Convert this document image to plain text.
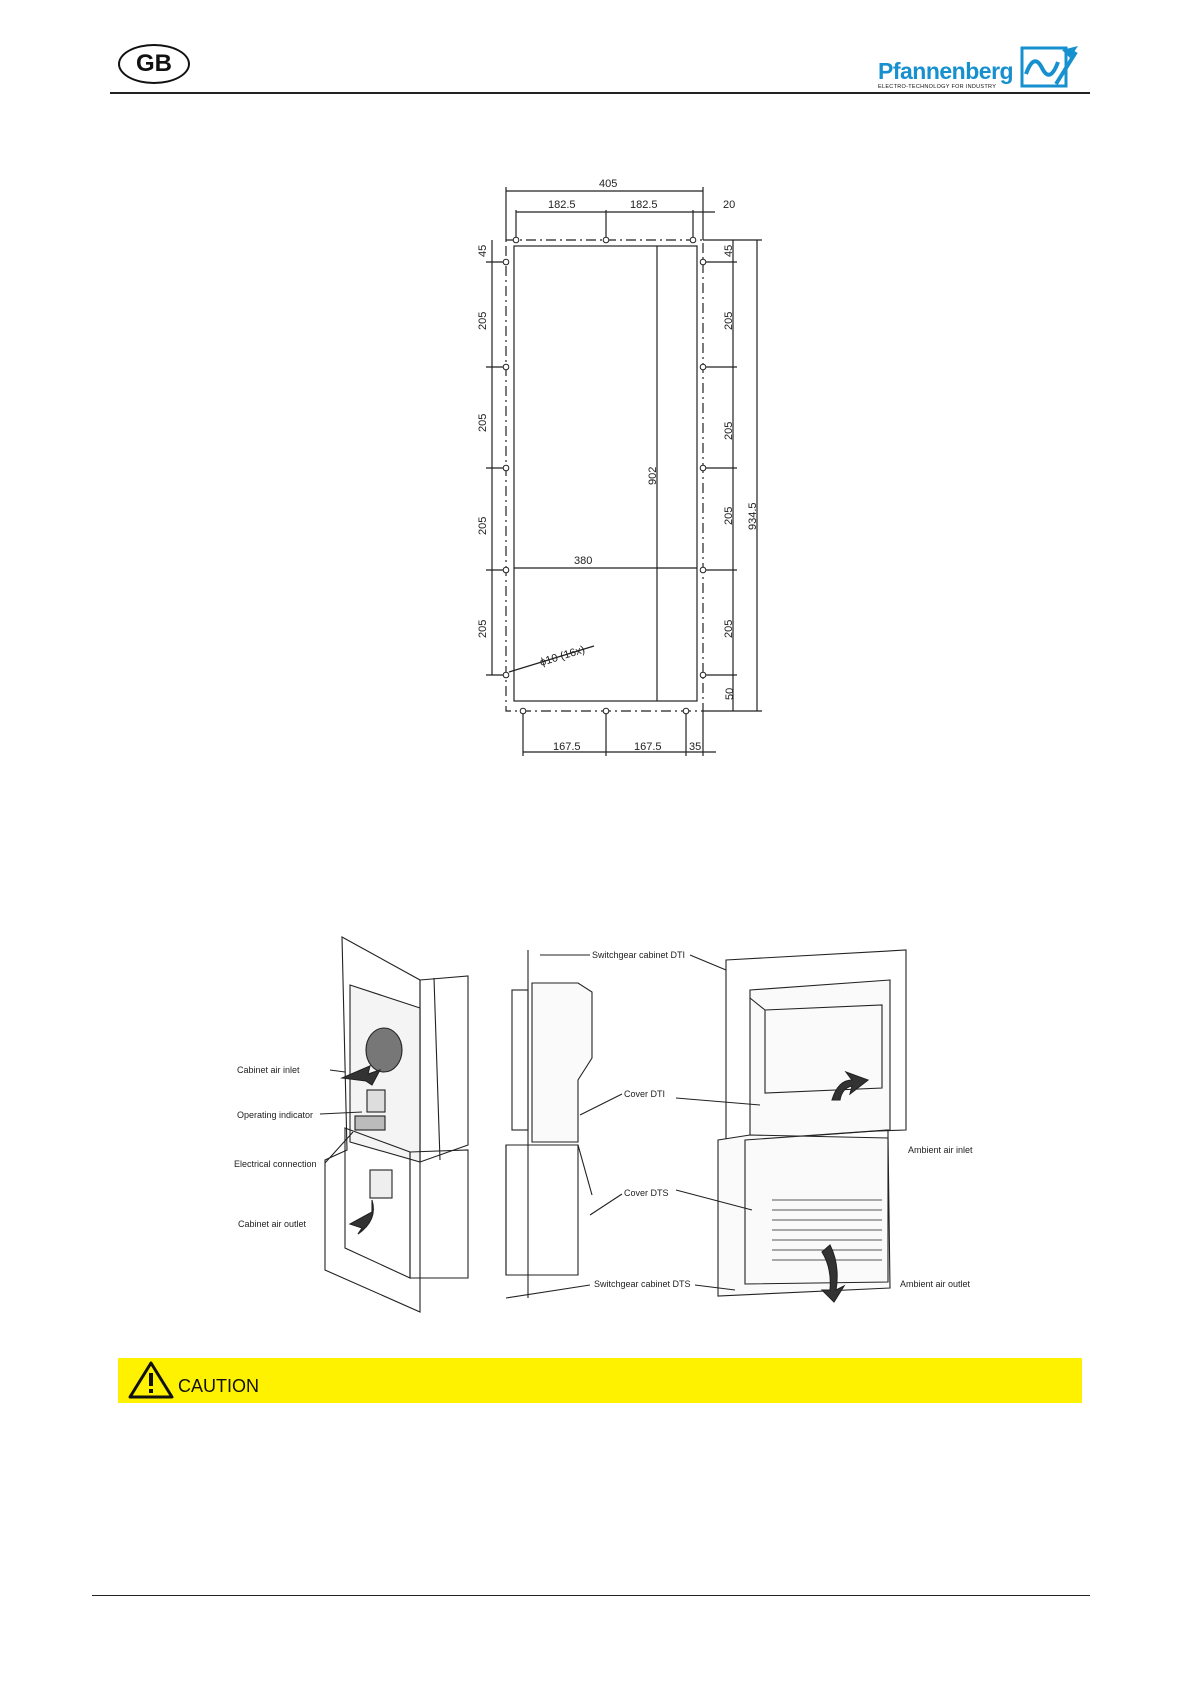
GB	Pfannenberg
ELECTRO-TECHNOLOGY FOR INDUSTRY
405
182.5	182.5	20
45	45
205
205
205
205
205
205
205
205
902
934.5
380
ϕ10 (16x)
50
167.5	167.5 35
Cabinet air inlet
Operating indicator
Electrical connection
Cabinet air outlet
Switchgear cabinet DTI
Cover DTI
Cover DTS
Switchgear cabinet DTS
Ambient air inlet
Ambient air outlet
CAUTION
